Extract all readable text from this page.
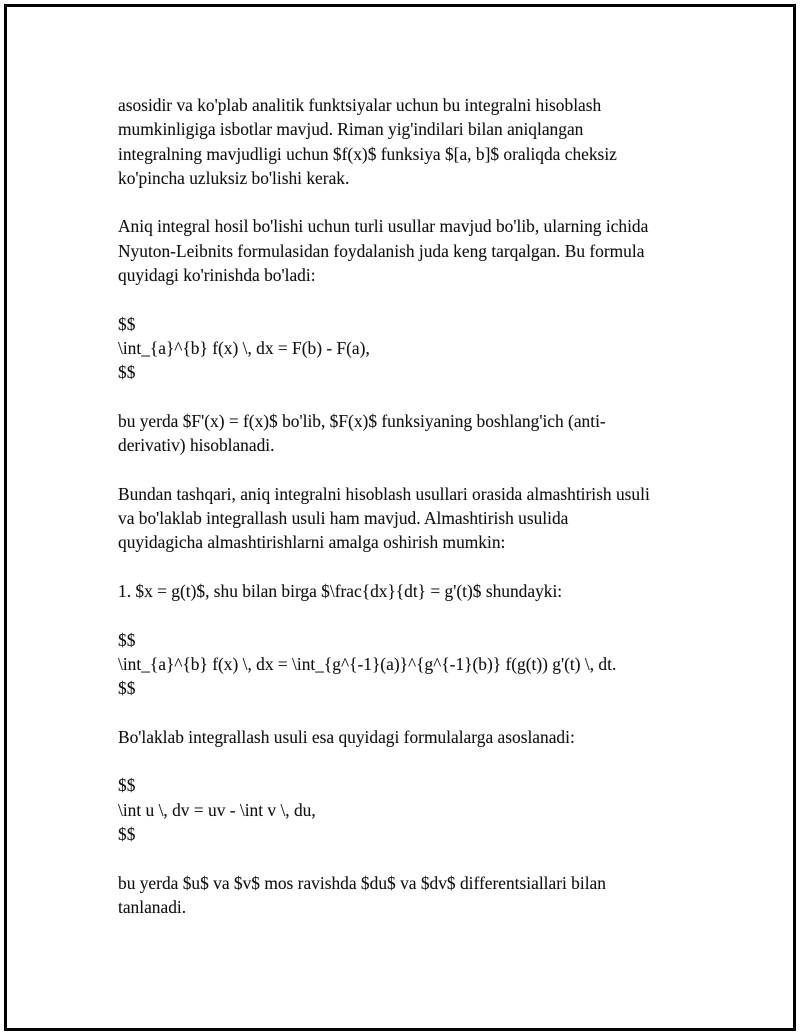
asosidir va ko'plab analitik funktsiyalar uchun bu integralni hisoblash
mumkinligiga isbotlar mavjud. Riman yig'indilari bilan aniqlangan
integralning mavjudligi uchun $f(x)$ funksiya $[a, b]$ oraliqda cheksiz
ko'pincha uzluksiz bo'lishi kerak.

Aniq integral hosil bo'lishi uchun turli usullar mavjud bo'lib, ularning ichida
Nyuton-Leibnits formulasidan foydalanish juda keng tarqalgan. Bu formula
quyidagi ko'rinishda bo'ladi:

$$
\int_{a}^{b} f(x) \, dx = F(b) - F(a),
$$

bu yerda $F'(x) = f(x)$ bo'lib, $F(x)$ funksiyaning boshlang'ich (anti-
derivativ) hisoblanadi.

Bundan tashqari, aniq integralni hisoblash usullari orasida almashtirish usuli
va bo'laklab integrallash usuli ham mavjud. Almashtirish usulida
quyidagicha almashtirishlarni amalga oshirish mumkin:

1. $x = g(t)$, shu bilan birga $\frac{dx}{dt} = g'(t)$ shundayki:

$$
\int_{a}^{b} f(x) \, dx = \int_{g^{-1}(a)}^{g^{-1}(b)} f(g(t)) g'(t) \, dt.
$$

Bo'laklab integrallash usuli esa quyidagi formulalarga asoslanadi:

$$
\int u \, dv = uv - \int v \, du,
$$

bu yerda $u$ va $v$ mos ravishda $du$ va $dv$ differentsiallari bilan
tanlanadi.
